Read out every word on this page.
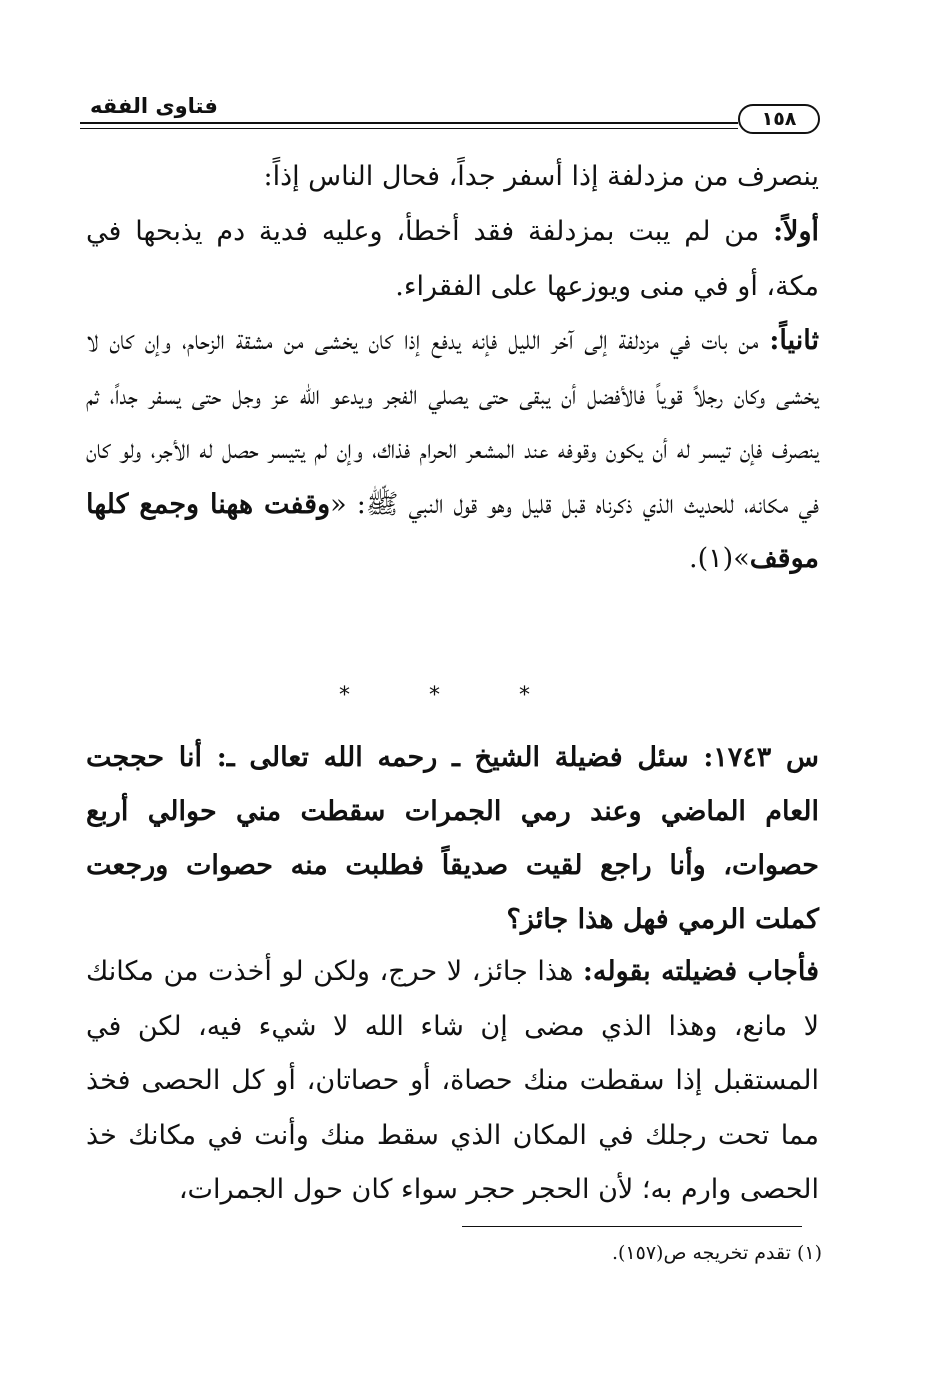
فتاوى الفقه
١٥٨

ينصرف من مزدلفة إذا أسفر جداً، فحال الناس إذاً:

أولاً: من لم يبت بمزدلفة فقد أخطأ، وعليه فدية دم يذبحها في مكة، أو في منى ويوزعها على الفقراء.

ثانياً: من بات في مزدلفة إلى آخر الليل فإنه يدفع إذا كان يخشى من مشقة الزحام، وإن كان لا يخشى وكان رجلاً قوياً فالأفضل أن يبقى حتى يصلي الفجر ويدعو الله عز وجل حتى يسفر جداً، ثم ينصرف فإن تيسر له أن يكون وقوفه عند المشعر الحرام فذاك، وإن لم يتيسر حصل له الأجر، ولو كان في مكانه، للحديث الذي ذكرناه قبل قليل وهو قول النبي ﷺ: «وقفت ههنا وجمع كلها موقف»(١).

* * *

س ١٧٤٣: سئل فضيلة الشيخ ـ رحمه الله تعالى ـ: أنا حججت العام الماضي وعند رمي الجمرات سقطت مني حوالي أربع حصوات، وأنا راجع لقيت صديقاً فطلبت منه حصوات ورجعت كملت الرمي فهل هذا جائز؟

فأجاب فضيلته بقوله: هذا جائز، لا حرج، ولكن لو أخذت من مكانك لا مانع، وهذا الذي مضى إن شاء الله لا شيء فيه، لكن في المستقبل إذا سقطت منك حصاة، أو حصاتان، أو كل الحصى فخذ مما تحت رجلك في المكان الذي سقط منك وأنت في مكانك خذ الحصى وارم به؛ لأن الحجر حجر سواء كان حول الجمرات،

(١) تقدم تخريجه ص(١٥٧).
